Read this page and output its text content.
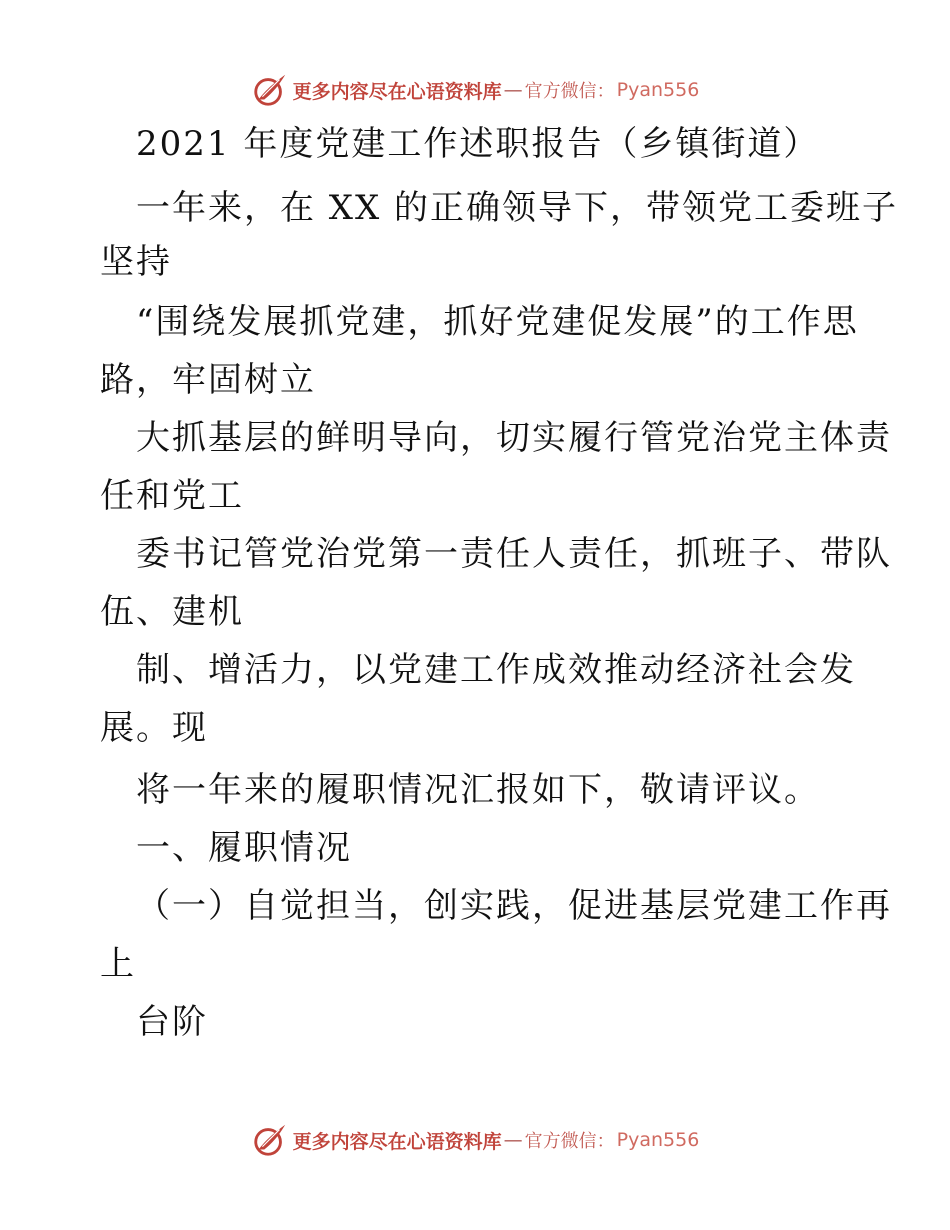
更多内容尽在心语资料库 — 官方微信： Pyan556
2021 年度党建工作述职报告（乡镇街道）
一年来，在 XX 的正确领导下，带领党工委班子
坚持
“围绕发展抓党建，抓好党建促发展”的工作思
路，牢固树立
大抓基层的鲜明导向，切实履行管党治党主体责
任和党工
委书记管党治党第一责任人责任，抓班子、带队
伍、建机
制、增活力，以党建工作成效推动经济社会发
展。现
将一年来的履职情况汇报如下，敬请评议。
一、履职情况
（一）自觉担当，创实践，促进基层党建工作再
上
台阶
更多内容尽在心语资料库 — 官方微信： Pyan556
